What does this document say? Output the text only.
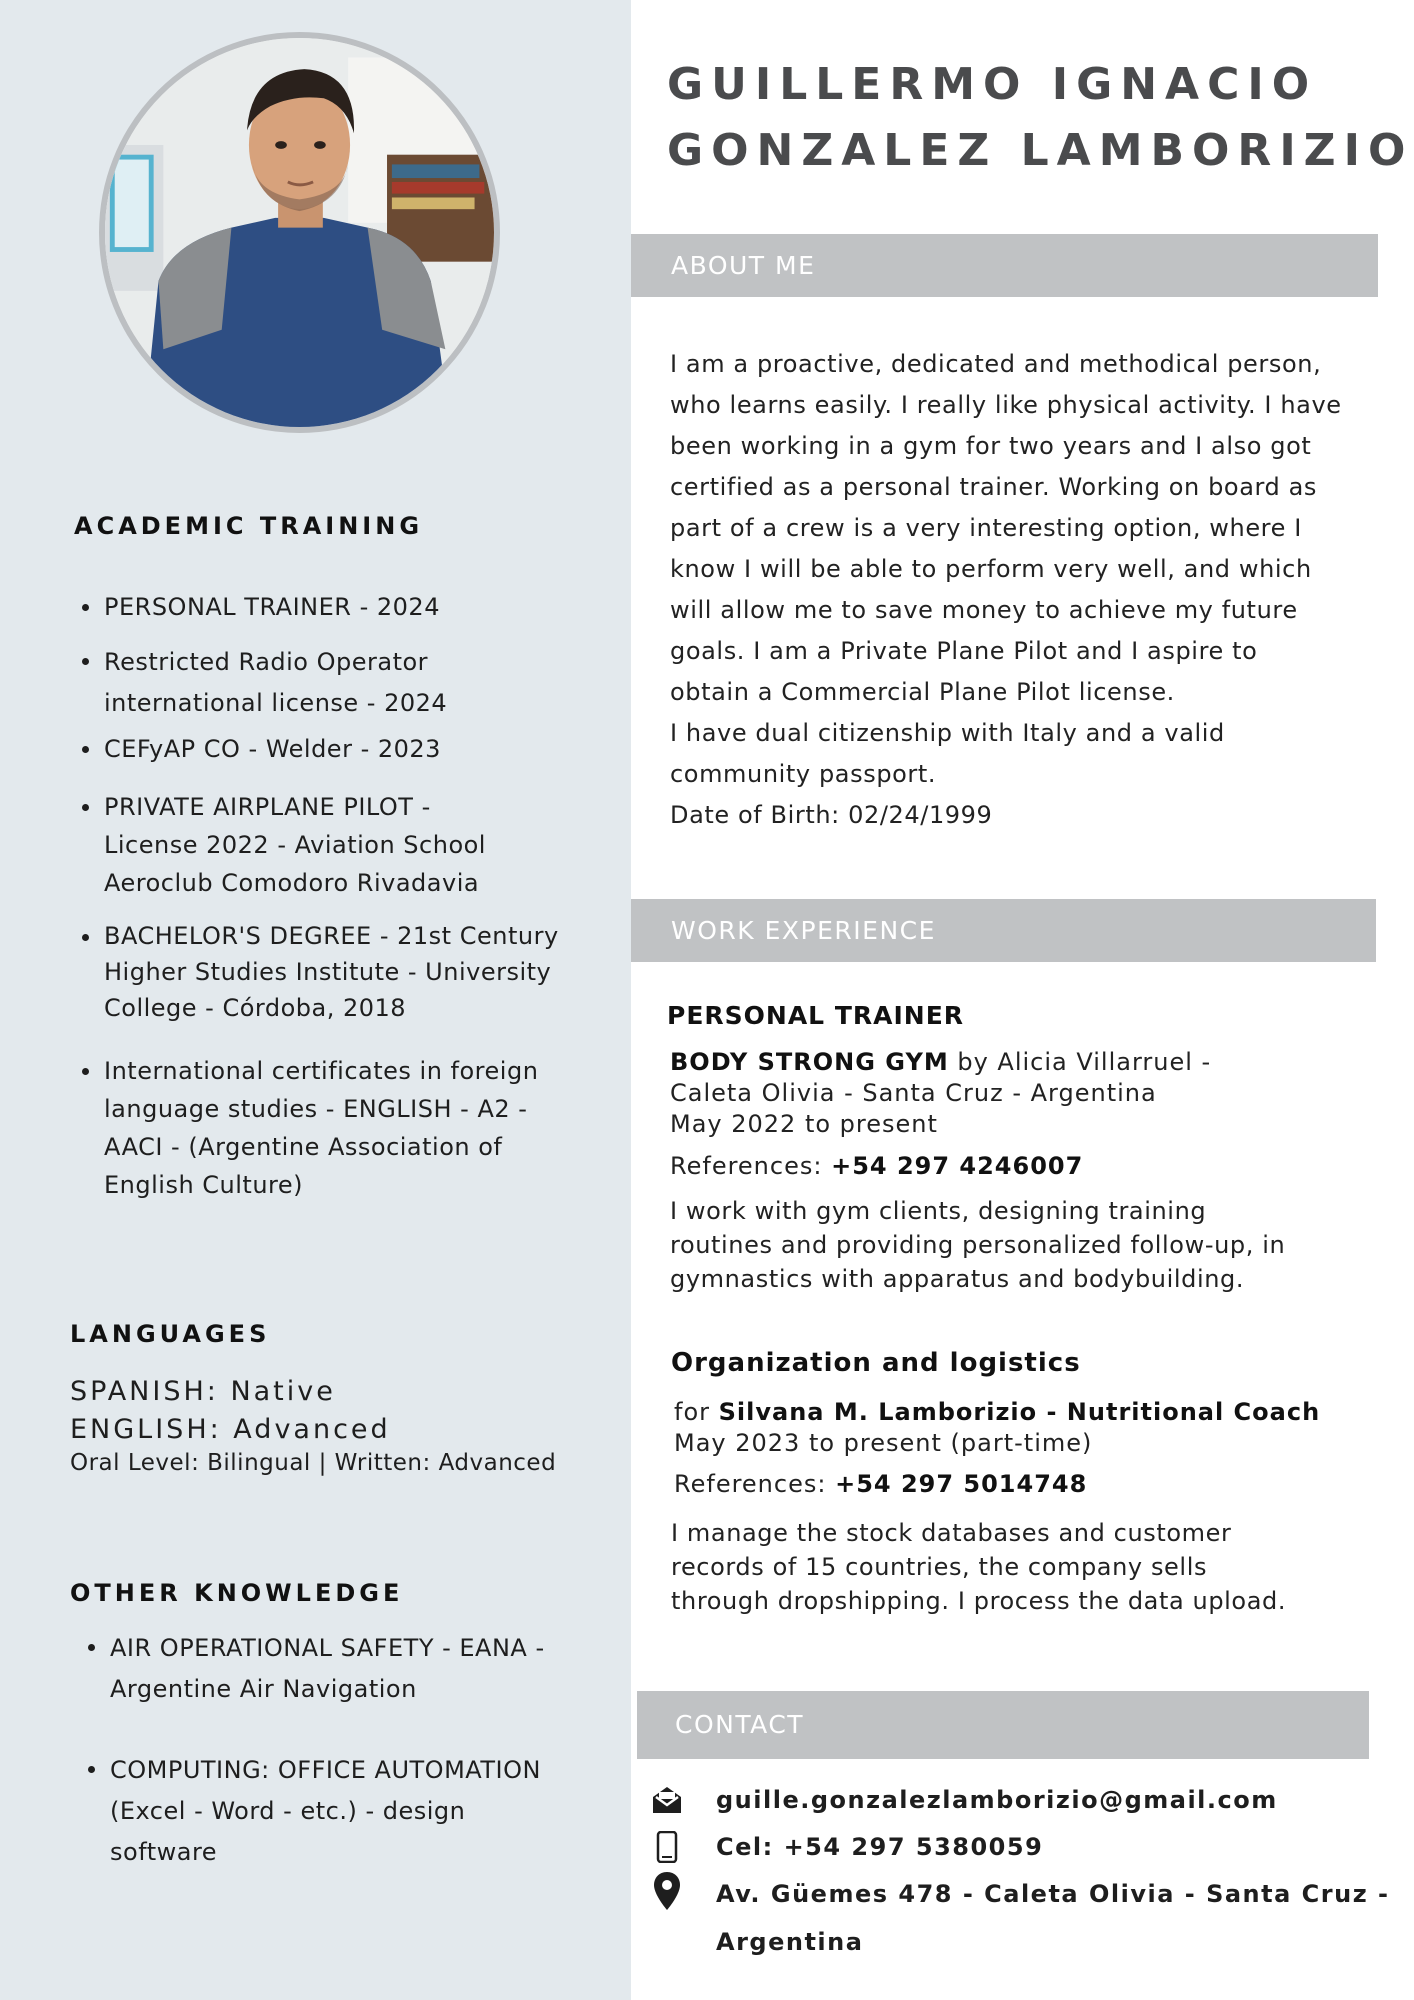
ACADEMIC TRAINING
PERSONAL TRAINER - 2024
Restricted Radio Operator
international license - 2024
CEFyAP CO - Welder - 2023
PRIVATE AIRPLANE PILOT -
License 2022 - Aviation School
Aeroclub Comodoro Rivadavia
BACHELOR'S DEGREE - 21st Century
Higher Studies Institute - University
College - Córdoba, 2018
International certificates in foreign
language studies - ENGLISH - A2 -
AACI - (Argentine Association of
English Culture)
LANGUAGES
SPANISH: Native
ENGLISH: Advanced
Oral Level: Bilingual | Written: Advanced
OTHER KNOWLEDGE
AIR OPERATIONAL SAFETY - EANA -
Argentine Air Navigation
COMPUTING: OFFICE AUTOMATION
(Excel - Word - etc.) - design
software
GUILLERMO IGNACIO
GONZALEZ LAMBORIZIO
ABOUT ME

I am a proactive, dedicated and methodical person,

who learns easily. I really like physical activity. I have

been working in a gym for two years and I also got

certified as a personal trainer. Working on board as

part of a crew is a very interesting option, where I

know I will be able to perform very well, and which

will allow me to save money to achieve my future

goals. I am a Private Plane Pilot and I aspire to

obtain a Commercial Plane Pilot license.

I have dual citizenship with Italy and a valid

community passport.

Date of Birth: 02/24/1999

WORK EXPERIENCE
PERSONAL TRAINER
BODY STRONG GYM by Alicia Villarruel -
Caleta Olivia - Santa Cruz - Argentina
May 2022 to present
References: +54 297 4246007
I work with gym clients, designing training
routines and providing personalized follow-up, in
gymnastics with apparatus and bodybuilding.
Organization and logistics
for Silvana M. Lamborizio - Nutritional Coach
May 2023 to present (part-time)
References: +54 297 5014748
I manage the stock databases and customer
records of 15 countries, the company sells
through dropshipping. I process the data upload.
CONTACT
guille.gonzalezlamborizio@gmail.com
Cel: +54 297 5380059
Av. Güemes 478 - Caleta Olivia - Santa Cruz -
Argentina
